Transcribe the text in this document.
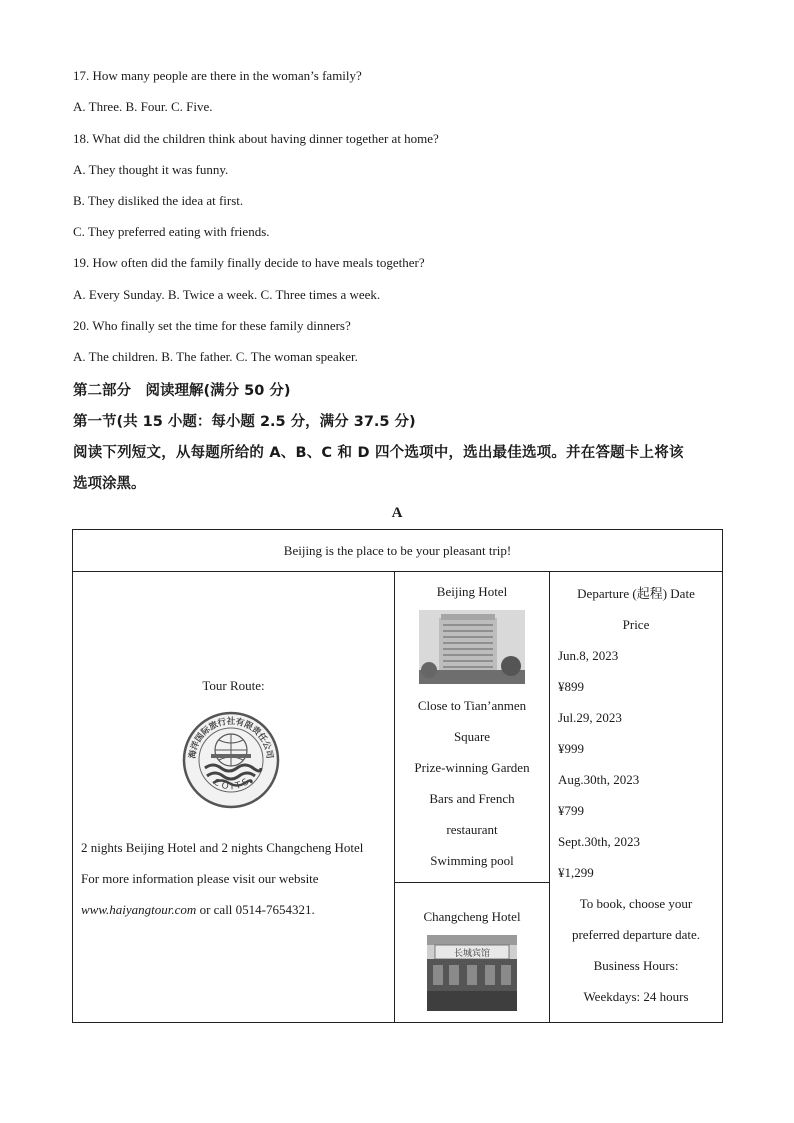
17. How many people are there in the woman’s family?
A. Three. B. Four. C. Five.
18. What did the children think about having dinner together at home?
A. They thought it was funny.
B. They disliked the idea at first.
C. They preferred eating with friends.
19. How often did the family finally decide to have meals together?
A. Every Sunday. B. Twice a week. C. Three times a week.
20. Who finally set the time for these family dinners?
A. The children. B. The father. C. The woman speaker.
第二部分　阅读理解(满分 50 分)
第一节(共 15 小题：每小题 2.5 分，满分 37.5 分)
阅读下列短文，从每题所给的 A、B、C 和 D 四个选项中，选出最佳选项。并在答题卡上将该
选项涂黑。
A
Beijing is the place to be your pleasant trip!

Tour Route:
海洋国际旅行社有限责任公司
C O I T S
2 nights Beijing Hotel and 2 nights Changcheng Hotel
For more information please visit our website
www.haiyangtour.com or call 0514-7654321.

Beijing Hotel
Close to Tian’anmen
Square
Prize-winning Garden
Bars and French
restaurant
Swimming pool

Departure (起程) Date
Price
Jun.8, 2023
¥899
Jul.29, 2023
¥999
Aug.30th, 2023
¥799
Sept.30th, 2023
¥1,299
To book, choose your
preferred departure date.
Business Hours:
Weekdays: 24 hours

Changcheng Hotel
长城宾馆
